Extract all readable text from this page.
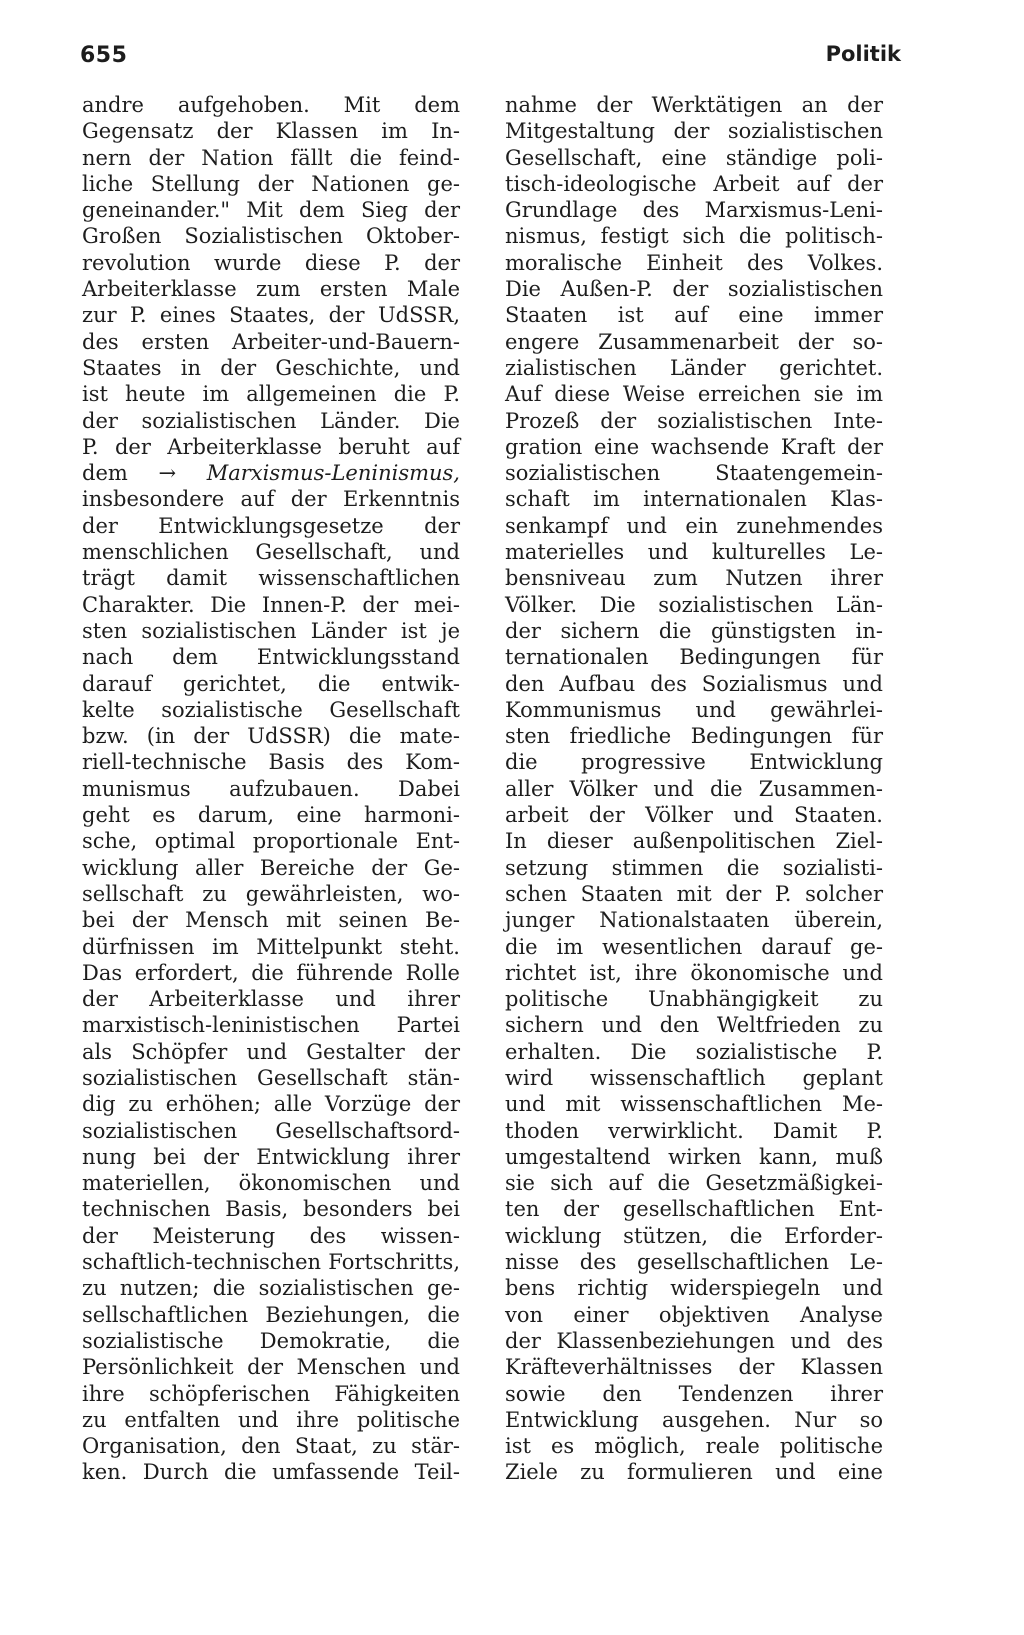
655	Politik
andre aufgehoben. Mit dem
Gegensatz der Klassen im In-
nern der Nation fällt die feind-
liche Stellung der Nationen ge-
geneinander." Mit dem Sieg der
Großen Sozialistischen Oktober-
revolution wurde diese P. der
Arbeiterklasse zum ersten Male
zur P. eines Staates, der UdSSR,
des ersten Arbeiter-und-Bauern-
Staates in der Geschichte, und
ist heute im allgemeinen die P.
der sozialistischen Länder. Die
P. der Arbeiterklasse beruht auf
dem → Marxismus-Leninismus,
insbesondere auf der Erkenntnis
der Entwicklungsgesetze der
menschlichen Gesellschaft, und
trägt damit wissenschaftlichen
Charakter. Die Innen-P. der mei-
sten sozialistischen Länder ist je
nach dem Entwicklungsstand
darauf gerichtet, die entwik-
kelte sozialistische Gesellschaft
bzw. (in der UdSSR) die mate-
riell-technische Basis des Kom-
munismus aufzubauen. Dabei
geht es darum, eine harmoni-
sche, optimal proportionale Ent-
wicklung aller Bereiche der Ge-
sellschaft zu gewährleisten, wo-
bei der Mensch mit seinen Be-
dürfnissen im Mittelpunkt steht.
Das erfordert, die führende Rolle
der Arbeiterklasse und ihrer
marxistisch-leninistischen Partei
als Schöpfer und Gestalter der
sozialistischen Gesellschaft stän-
dig zu erhöhen; alle Vorzüge der
sozialistischen Gesellschaftsord-
nung bei der Entwicklung ihrer
materiellen, ökonomischen und
technischen Basis, besonders bei
der Meisterung des wissen-
schaftlich-technischen Fortschritts,
zu nutzen; die sozialistischen ge-
sellschaftlichen Beziehungen, die
sozialistische Demokratie, die
Persönlichkeit der Menschen und
ihre schöpferischen Fähigkeiten
zu entfalten und ihre politische
Organisation, den Staat, zu stär-
ken. Durch die umfassende Teil-
nahme der Werktätigen an der
Mitgestaltung der sozialistischen
Gesellschaft, eine ständige poli-
tisch-ideologische Arbeit auf der
Grundlage des Marxismus-Leni-
nismus, festigt sich die politisch-
moralische Einheit des Volkes.
Die Außen-P. der sozialistischen
Staaten ist auf eine immer
engere Zusammenarbeit der so-
zialistischen Länder gerichtet.
Auf diese Weise erreichen sie im
Prozeß der sozialistischen Inte-
gration eine wachsende Kraft der
sozialistischen Staatengemein-
schaft im internationalen Klas-
senkampf und ein zunehmendes
materielles und kulturelles Le-
bensniveau zum Nutzen ihrer
Völker. Die sozialistischen Län-
der sichern die günstigsten in-
ternationalen Bedingungen für
den Aufbau des Sozialismus und
Kommunismus und gewährlei-
sten friedliche Bedingungen für
die progressive Entwicklung
aller Völker und die Zusammen-
arbeit der Völker und Staaten.
In dieser außenpolitischen Ziel-
setzung stimmen die sozialisti-
schen Staaten mit der P. solcher
junger Nationalstaaten überein,
die im wesentlichen darauf ge-
richtet ist, ihre ökonomische und
politische Unabhängigkeit zu
sichern und den Weltfrieden zu
erhalten. Die sozialistische P.
wird wissenschaftlich geplant
und mit wissenschaftlichen Me-
thoden verwirklicht. Damit P.
umgestaltend wirken kann, muß
sie sich auf die Gesetzmäßigkei-
ten der gesellschaftlichen Ent-
wicklung stützen, die Erforder-
nisse des gesellschaftlichen Le-
bens richtig widerspiegeln und
von einer objektiven Analyse
der Klassenbeziehungen und des
Kräfteverhältnisses der Klassen
sowie den Tendenzen ihrer
Entwicklung ausgehen. Nur so
ist es möglich, reale politische
Ziele zu formulieren und eine
